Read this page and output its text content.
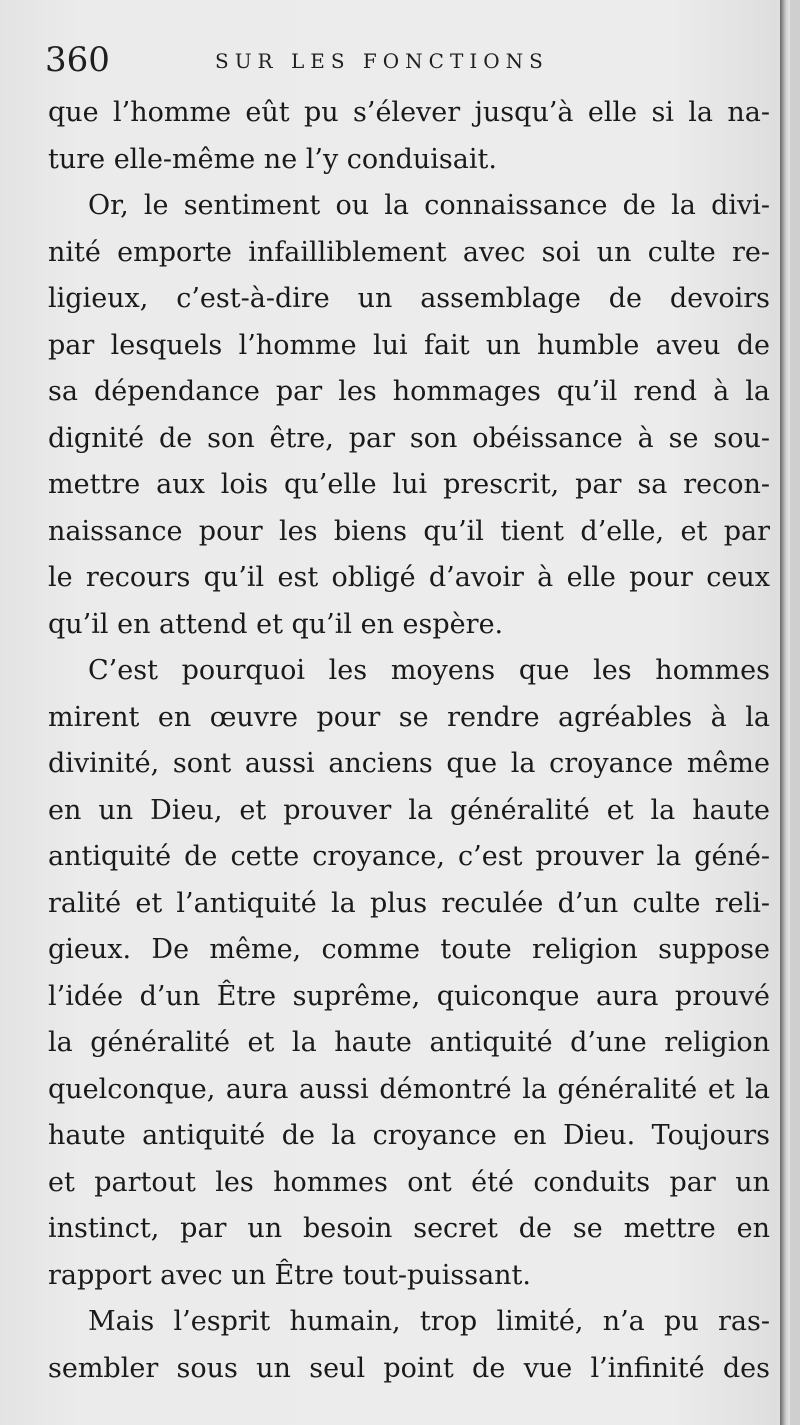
360	SUR LES FONCTIONS
que l’homme eût pu s’élever jusqu’à elle si la na-
ture elle-même ne l’y conduisait.
Or, le sentiment ou la connaissance de la divi-
nité emporte infailliblement avec soi un culte re-
ligieux, c’est-à-dire un assemblage de devoirs
par lesquels l’homme lui fait un humble aveu de
sa dépendance par les hommages qu’il rend à la
dignité de son être, par son obéissance à se sou-
mettre aux lois qu’elle lui prescrit, par sa recon-
naissance pour les biens qu’il tient d’elle, et par
le recours qu’il est obligé d’avoir à elle pour ceux
qu’il en attend et qu’il en espère.
C’est pourquoi les moyens que les hommes
mirent en œuvre pour se rendre agréables à la
divinité, sont aussi anciens que la croyance même
en un Dieu, et prouver la généralité et la haute
antiquité de cette croyance, c’est prouver la géné-
ralité et l’antiquité la plus reculée d’un culte reli-
gieux. De même, comme toute religion suppose
l’idée d’un Être suprême, quiconque aura prouvé
la généralité et la haute antiquité d’une religion
quelconque, aura aussi démontré la généralité et la
haute antiquité de la croyance en Dieu. Toujours
et partout les hommes ont été conduits par un
instinct, par un besoin secret de se mettre en
rapport avec un Être tout-puissant.
Mais l’esprit humain, trop limité, n’a pu ras-
sembler sous un seul point de vue l’infinité des
